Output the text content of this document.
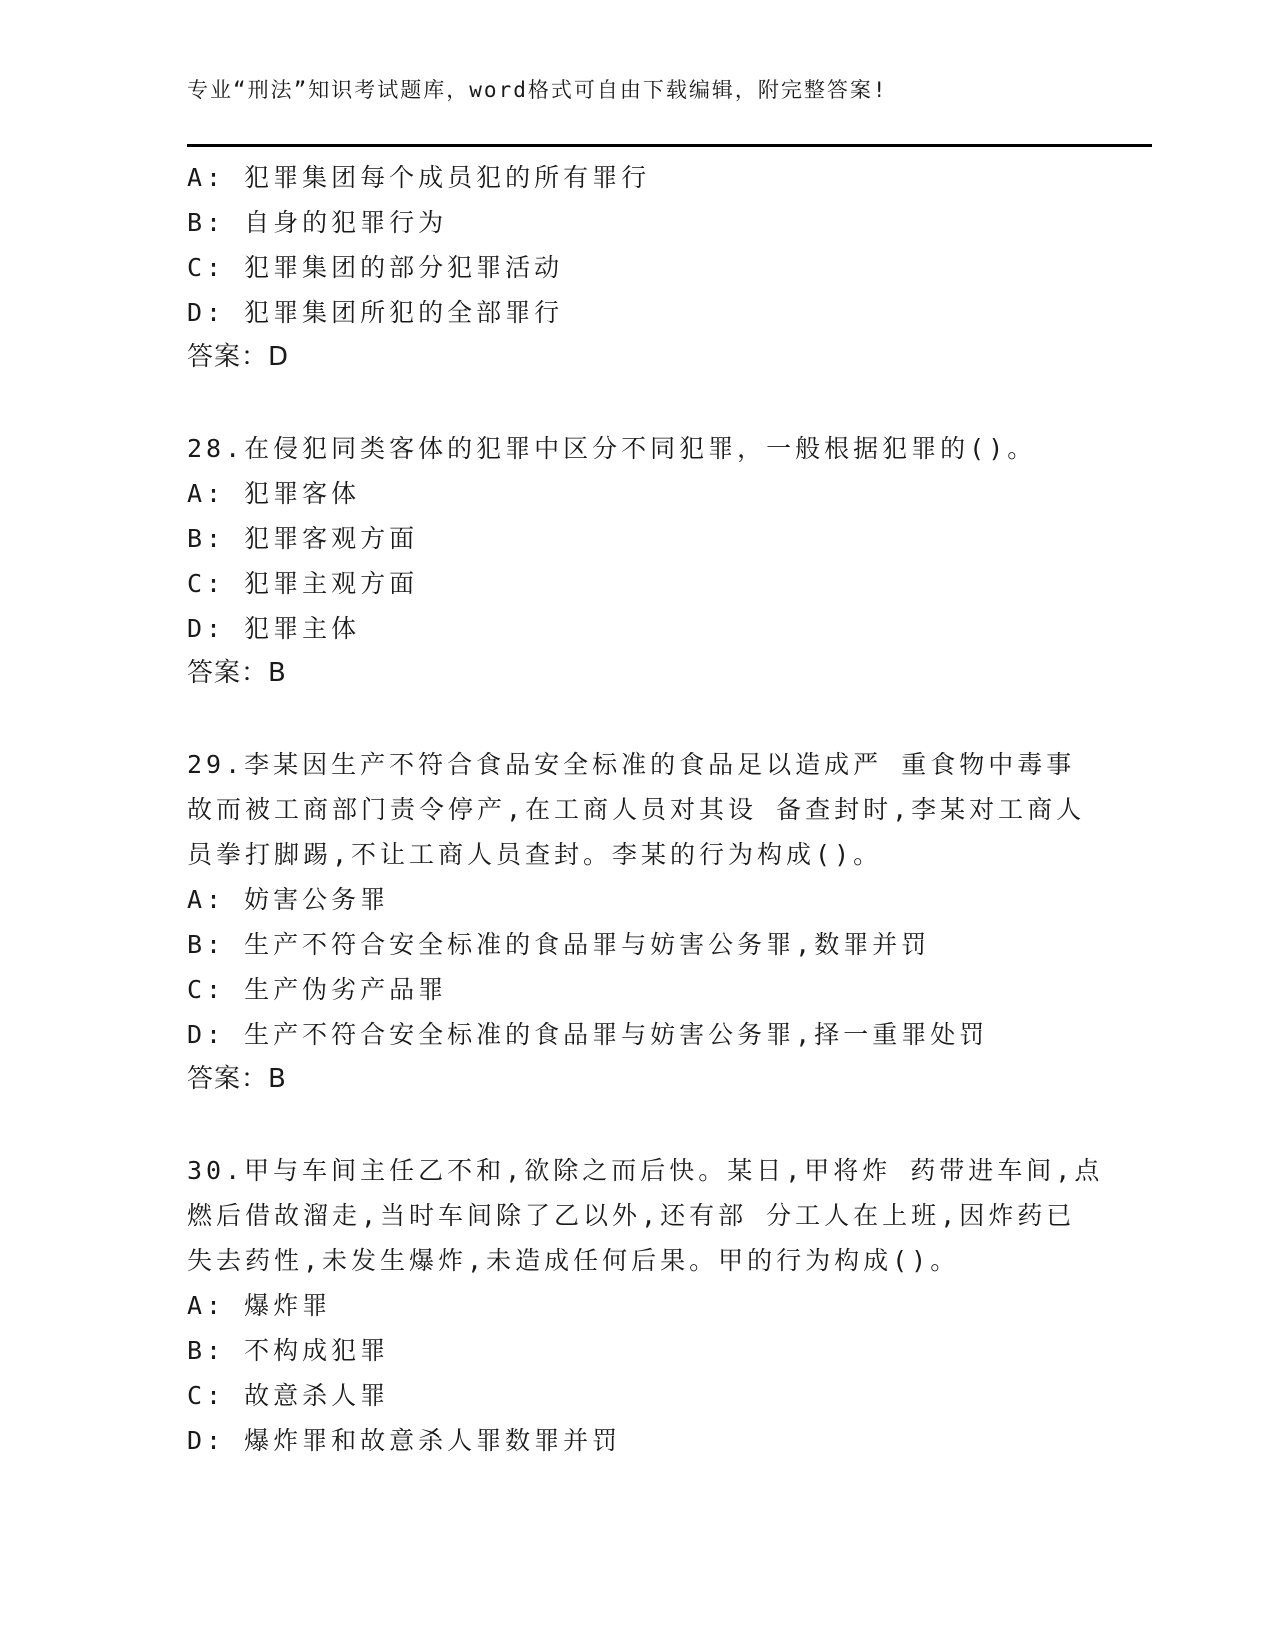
专业“刑法”知识考试题库，word格式可自由下载编辑，附完整答案!
A: 犯罪集团每个成员犯的所有罪行
B: 自身的犯罪行为
C: 犯罪集团的部分犯罪活动
D: 犯罪集团所犯的全部罪行
答案：D
28.在侵犯同类客体的犯罪中区分不同犯罪，一般根据犯罪的()。
A: 犯罪客体
B: 犯罪客观方面
C: 犯罪主观方面
D: 犯罪主体
答案：B
29.李某因生产不符合食品安全标准的食品足以造成严 重食物中毒事
故而被工商部门责令停产,在工商人员对其设 备查封时,李某对工商人
员拳打脚踢,不让工商人员查封。李某的行为构成()。
A: 妨害公务罪
B: 生产不符合安全标准的食品罪与妨害公务罪,数罪并罚
C: 生产伪劣产品罪
D: 生产不符合安全标准的食品罪与妨害公务罪,择一重罪处罚
答案：B
30.甲与车间主任乙不和,欲除之而后快。某日,甲将炸 药带进车间,点
燃后借故溜走,当时车间除了乙以外,还有部 分工人在上班,因炸药已
失去药性,未发生爆炸,未造成任何后果。甲的行为构成()。
A: 爆炸罪
B: 不构成犯罪
C: 故意杀人罪
D: 爆炸罪和故意杀人罪数罪并罚
